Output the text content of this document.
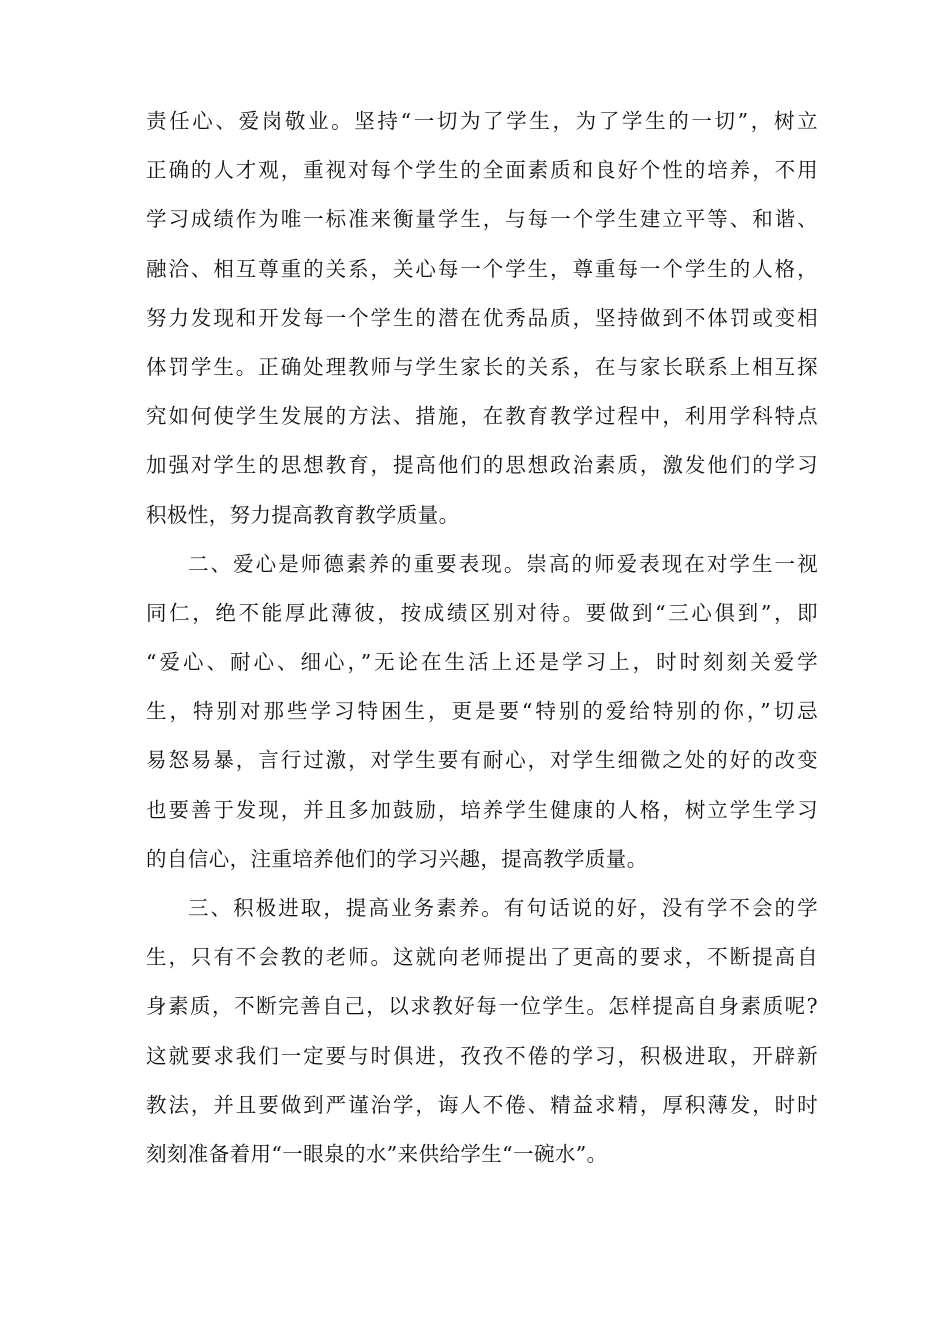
责任心、爱岗敬业。坚持“一切为了学生，为了学生的一切”，树立
正确的人才观，重视对每个学生的全面素质和良好个性的培养，不用
学习成绩作为唯一标准来衡量学生，与每一个学生建立平等、和谐、
融洽、相互尊重的关系，关心每一个学生，尊重每一个学生的人格，
努力发现和开发每一个学生的潜在优秀品质，坚持做到不体罚或变相
体罚学生。正确处理教师与学生家长的关系，在与家长联系上相互探
究如何使学生发展的方法、措施，在教育教学过程中，利用学科特点
加强对学生的思想教育，提高他们的思想政治素质，激发他们的学习
积极性，努力提高教育教学质量。
二、爱心是师德素养的重要表现。崇高的师爱表现在对学生一视
同仁，绝不能厚此薄彼，按成绩区别对待。要做到“三心俱到”，即
“爱心、耐心、细心，”无论在生活上还是学习上，时时刻刻关爱学
生，特别对那些学习特困生，更是要“特别的爱给特别的你，”切忌
易怒易暴，言行过激，对学生要有耐心，对学生细微之处的好的改变
也要善于发现，并且多加鼓励，培养学生健康的人格，树立学生学习
的自信心，注重培养他们的学习兴趣，提高教学质量。
三、积极进取，提高业务素养。有句话说的好，没有学不会的学
生，只有不会教的老师。这就向老师提出了更高的要求，不断提高自
身素质，不断完善自己，以求教好每一位学生。怎样提高自身素质呢?
这就要求我们一定要与时俱进，孜孜不倦的学习，积极进取，开辟新
教法，并且要做到严谨治学，诲人不倦、精益求精，厚积薄发，时时
刻刻准备着用“一眼泉的水”来供给学生“一碗水”。
